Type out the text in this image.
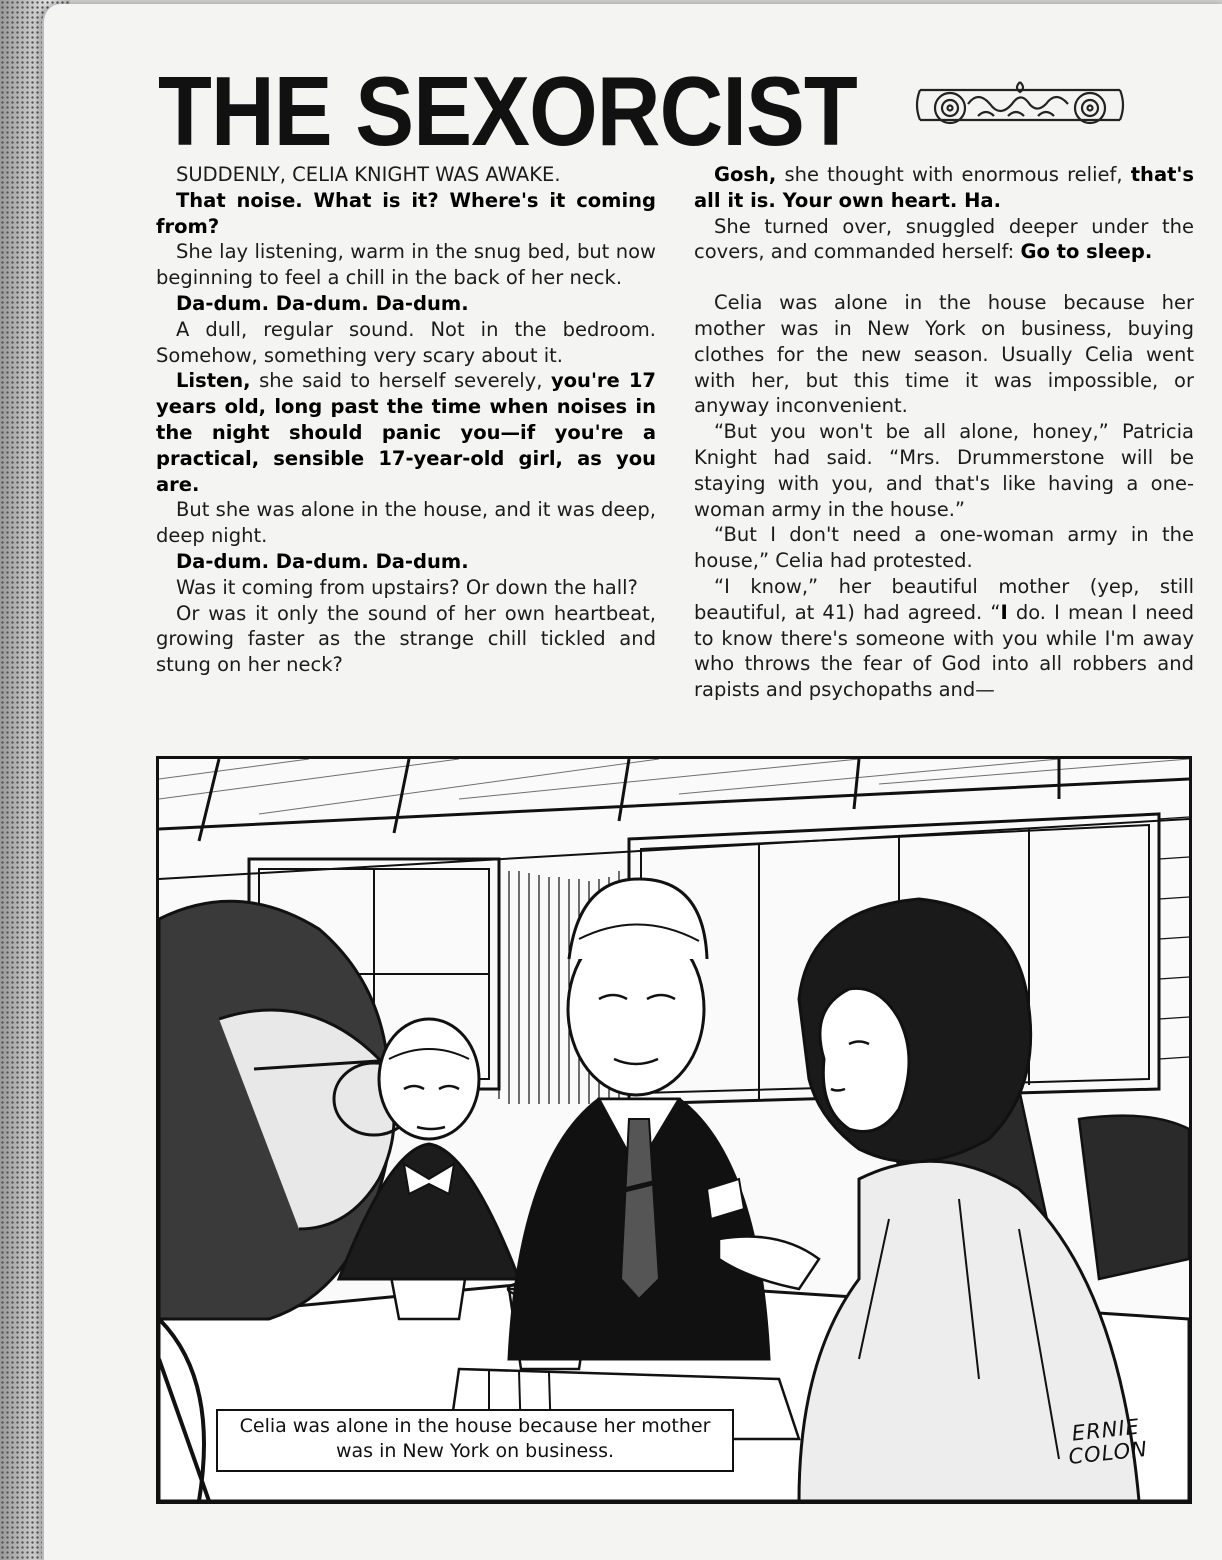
THE SEXORCIST

SUDDENLY, CELIA KNIGHT WAS AWAKE.

That noise. What is it? Where's it coming from?

She lay listening, warm in the snug bed, but now beginning to feel a chill in the back of her neck.

Da-dum. Da-dum. Da-dum.

A dull, regular sound. Not in the bedroom. Somehow, something very scary about it.

Listen, she said to herself severely, you're 17 years old, long past the time when noises in the night should panic you—if you're a practical, sensible 17-year-old girl, as you are.

But she was alone in the house, and it was deep, deep night.

Da-dum. Da-dum. Da-dum.

Was it coming from upstairs? Or down the hall?

Or was it only the sound of her own heartbeat, growing faster as the strange chill tickled and stung on her neck?

Gosh, she thought with enormous relief, that's all it is. Your own heart. Ha.

She turned over, snuggled deeper under the covers, and commanded herself: Go to sleep.

Celia was alone in the house because her mother was in New York on business, buying clothes for the new season. Usually Celia went with her, but this time it was impossible, or anyway inconvenient.

“But you won't be all alone, honey,” Patricia Knight had said. “Mrs. Drummerstone will be staying with you, and that's like having a one-woman army in the house.”

“But I don't need a one-woman army in the house,” Celia had protested.

“I know,” her beautiful mother (yep, still beautiful, at 41) had agreed. “I do. I mean I need to know there's someone with you while I'm away who throws the fear of God into all robbers and rapists and psychopaths and—

Celia was alone in the house because her mother was in New York on business.
ERNIE
COLON
